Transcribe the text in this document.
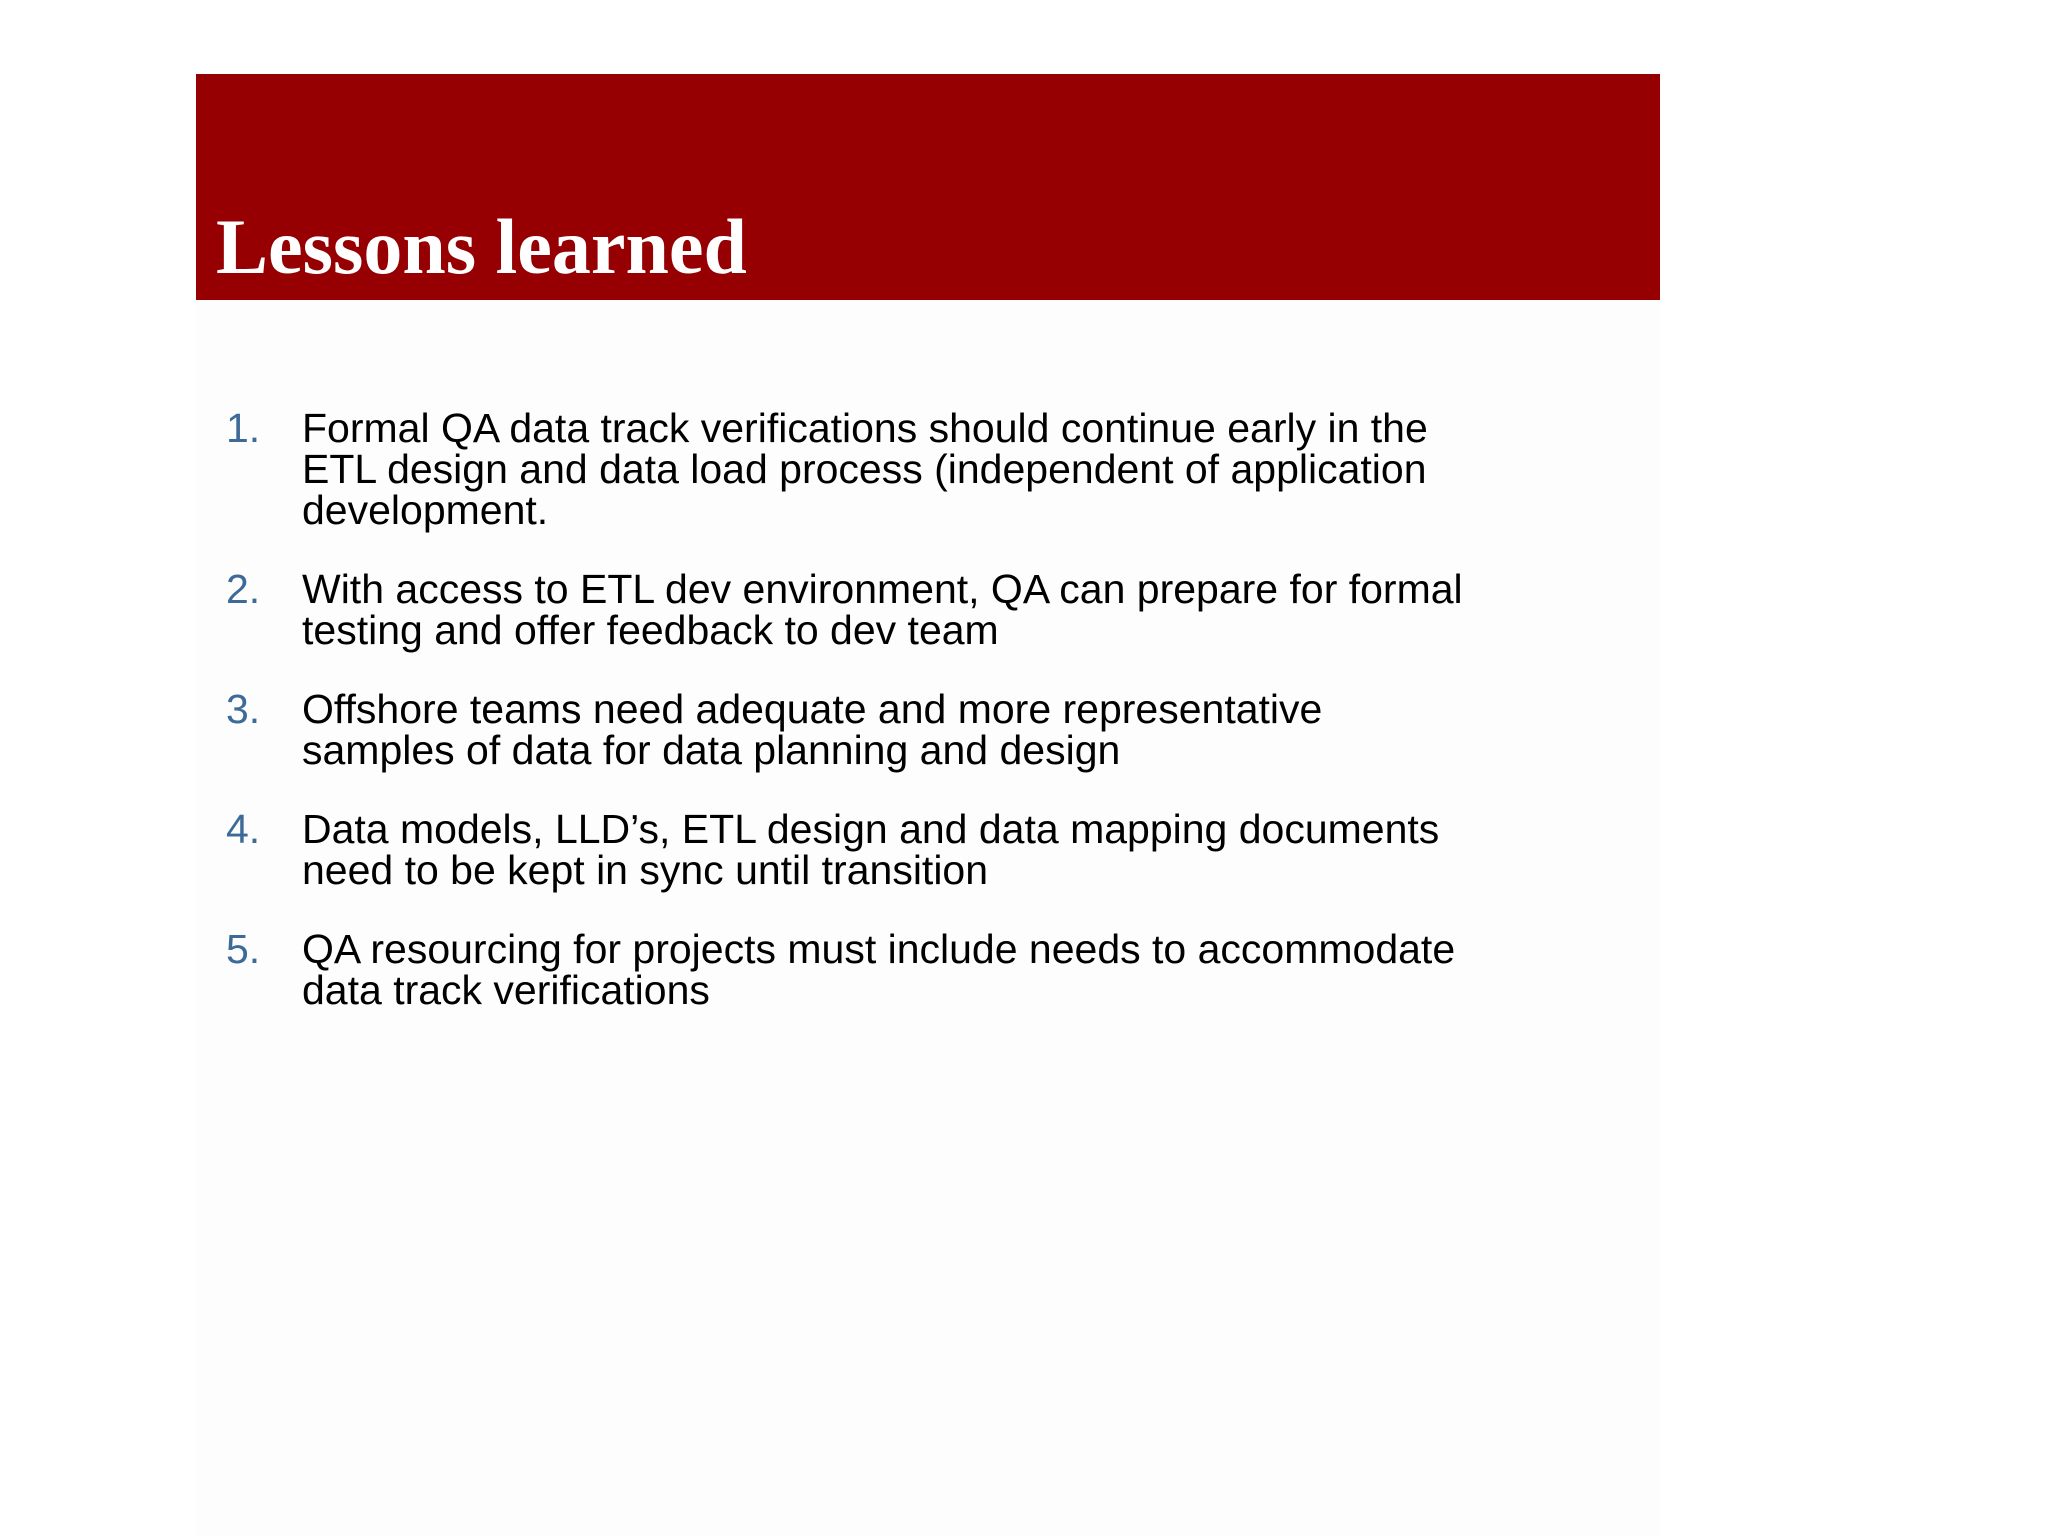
Lessons learned
1. Formal QA data track verifications should continue early in the
ETL design and data load process (independent of application
development.
2. With access to ETL dev environment, QA can prepare for formal
testing and offer feedback to dev team
3. Offshore teams need adequate and more representative
samples of data for data planning and design
4. Data models, LLD’s, ETL design and data mapping documents
need to be kept in sync until transition
5. QA resourcing for projects must include needs to accommodate
data track verifications
